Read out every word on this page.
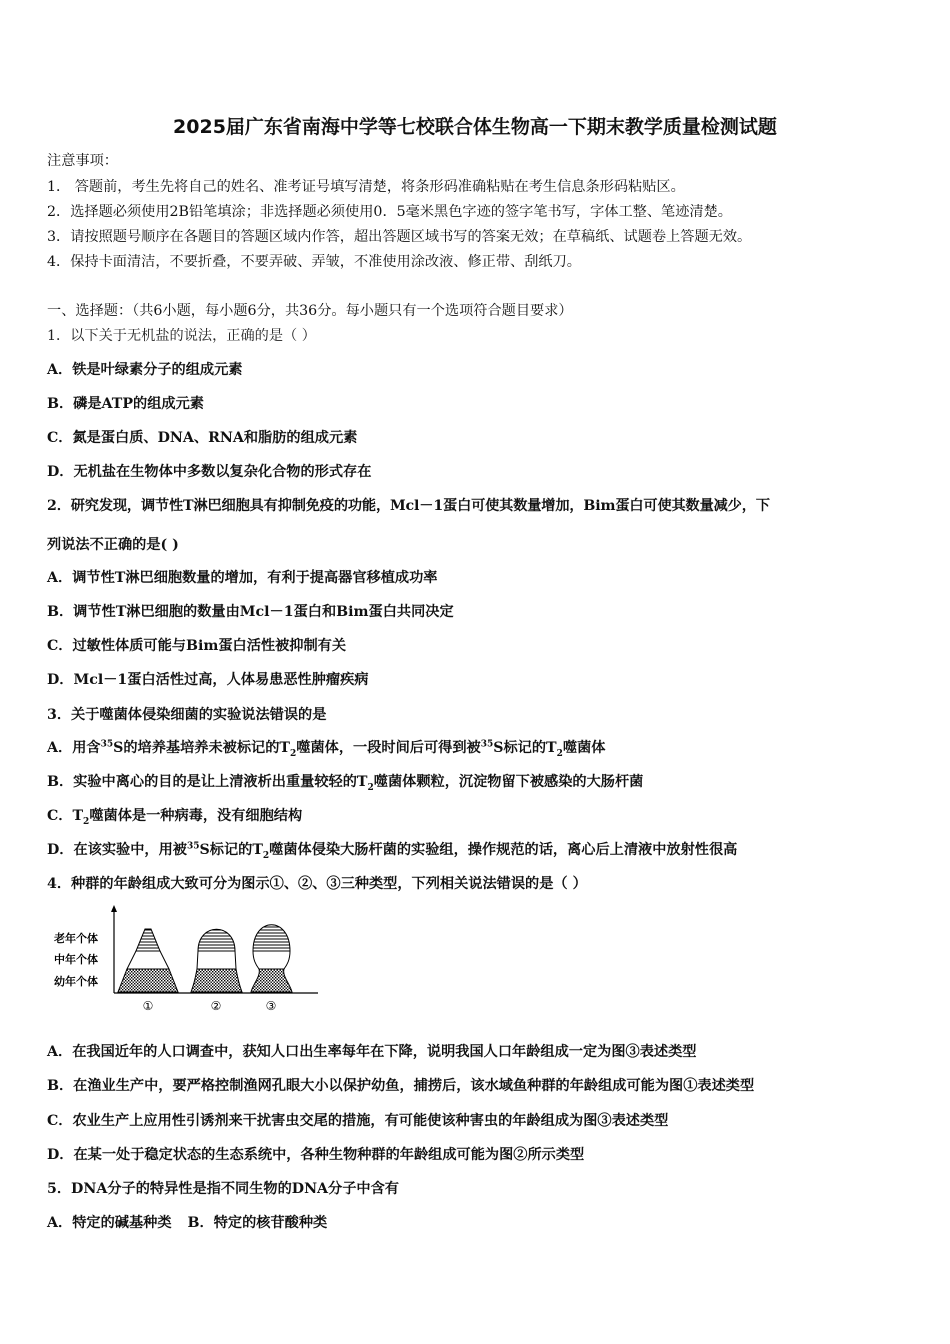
2025届广东省南海中学等七校联合体生物高一下期末教学质量检测试题
注意事项：
1． 答题前，考生先将自己的姓名、准考证号填写清楚，将条形码准确粘贴在考生信息条形码粘贴区。
2．选择题必须使用2B铅笔填涂；非选择题必须使用0．5毫米黑色字迹的签字笔书写，字体工整、笔迹清楚。
3．请按照题号顺序在各题目的答题区域内作答，超出答题区域书写的答案无效；在草稿纸、试题卷上答题无效。
4．保持卡面清洁，不要折叠，不要弄破、弄皱，不准使用涂改液、修正带、刮纸刀。
一、选择题：（共6小题，每小题6分，共36分。每小题只有一个选项符合题目要求）
1．以下关于无机盐的说法，正确的是（ ）
A．铁是叶绿素分子的组成元素
B．磷是ATP的组成元素
C．氮是蛋白质、DNA、RNA和脂肪的组成元素
D．无机盐在生物体中多数以复杂化合物的形式存在
2．研究发现，调节性T淋巴细胞具有抑制免疫的功能，Mcl－1蛋白可使其数量增加，Bim蛋白可使其数量减少，下
列说法不正确的是( )
A．调节性T淋巴细胞数量的增加，有利于提高器官移植成功率
B．调节性T淋巴细胞的数量由Mcl－1蛋白和Bim蛋白共同决定
C．过敏性体质可能与Bim蛋白活性被抑制有关
D．Mcl－1蛋白活性过高，人体易患恶性肿瘤疾病
3．关于噬菌体侵染细菌的实验说法错误的是
A．用含$^{35}$S的培养基培养未被标记的$T_2$噬菌体，一段时间后可得到被$^{35}$S标记的$T_2$噬菌体
B．实验中离心的目的是让上清液析出重量较轻的$T_2$噬菌体颗粒，沉淀物留下被感染的大肠杆菌
C．$T_2$噬菌体是一种病毒，没有细胞结构
D．在该实验中，用被$^{35}$S标记的$T_2$噬菌体侵染大肠杆菌的实验组，操作规范的话，离心后上清液中放射性很高
4．种群的年龄组成大致可分为图示①、②、③三种类型，下列相关说法错误的是（ ）
老年个体
中年个体
幼年个体
①	②	③
A．在我国近年的人口调查中，获知人口出生率每年在下降，说明我国人口年龄组成一定为图③表述类型
B．在渔业生产中，要严格控制渔网孔眼大小以保护幼鱼，捕捞后，该水域鱼种群的年龄组成可能为图①表述类型
C．农业生产上应用性引诱剂来干扰害虫交尾的措施，有可能使该种害虫的年龄组成为图③表述类型
D．在某一处于稳定状态的生态系统中，各种生物种群的年龄组成可能为图②所示类型
5．DNA分子的特异性是指不同生物的DNA分子中含有
A．特定的碱基种类 B．特定的核苷酸种类
